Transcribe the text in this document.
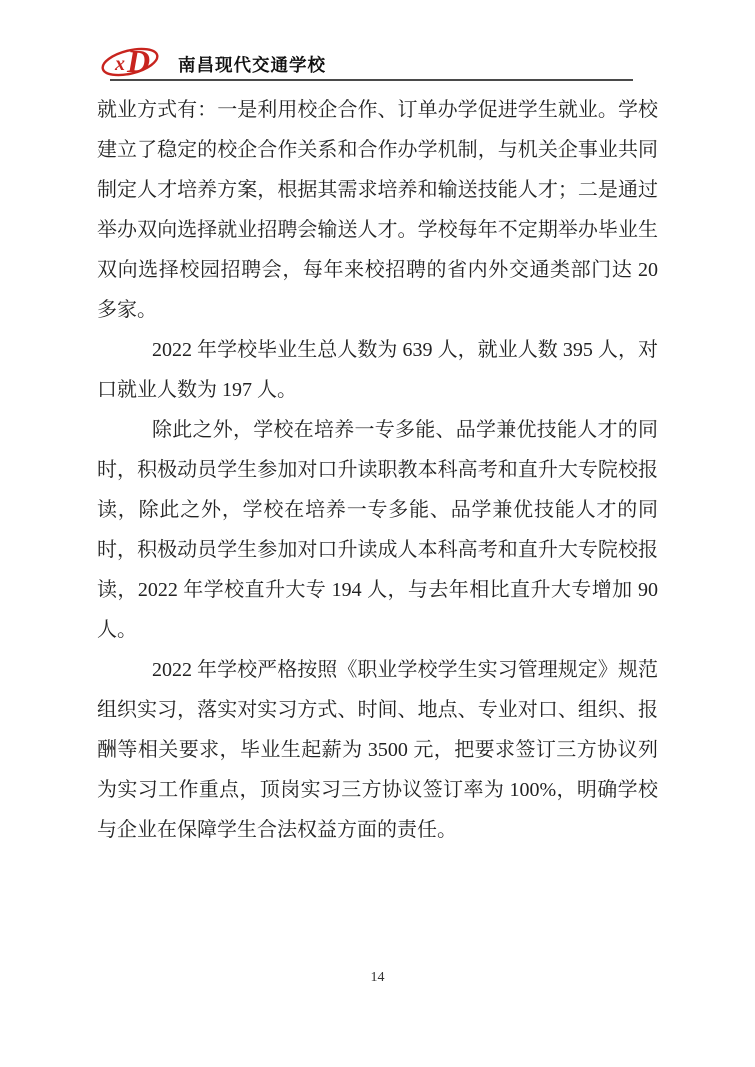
x D 南昌现代交通学校

就业方式有：一是利用校企合作、订单办学促进学生就业。学校建立了稳定的校企合作关系和合作办学机制，与机关企事业共同制定人才培养方案，根据其需求培养和输送技能人才；二是通过举办双向选择就业招聘会输送人才。学校每年不定期举办毕业生双向选择校园招聘会，每年来校招聘的省内外交通类部门达 20 多家。

2022 年学校毕业生总人数为 639 人，就业人数 395 人，对口就业人数为 197 人。

除此之外，学校在培养一专多能、品学兼优技能人才的同时，积极动员学生参加对口升读职教本科高考和直升大专院校报读，除此之外，学校在培养一专多能、品学兼优技能人才的同时，积极动员学生参加对口升读成人本科高考和直升大专院校报读，2022 年学校直升大专 194 人，与去年相比直升大专增加 90 人。

2022 年学校严格按照《职业学校学生实习管理规定》规范组织实习，落实对实习方式、时间、地点、专业对口、组织、报酬等相关要求，毕业生起薪为 3500 元，把要求签订三方协议列为实习工作重点，顶岗实习三方协议签订率为 100%，明确学校与企业在保障学生合法权益方面的责任。

14
